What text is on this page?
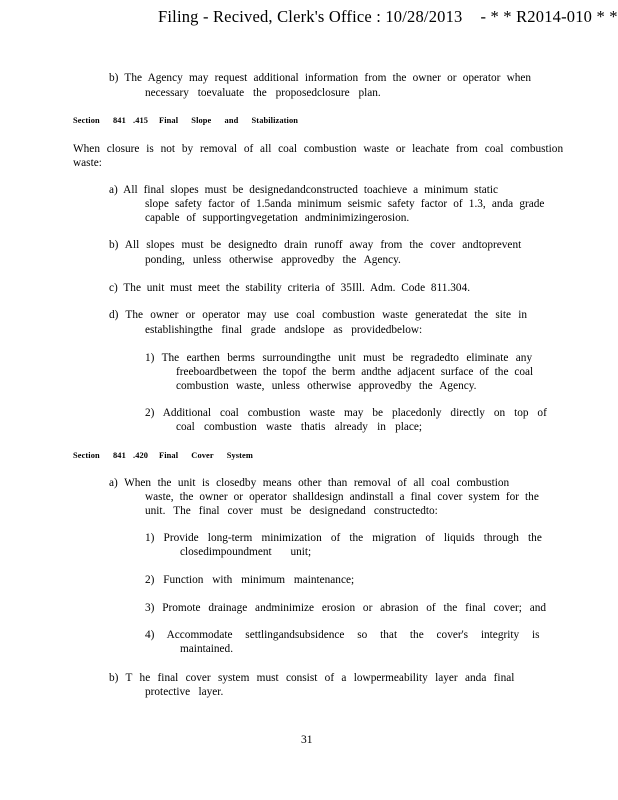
Filing - Recived, Clerk's Office : 10/28/2013 - * * R2014-010 * *
b) The Agency may request additional information from the owner or operator when
necessary toevaluate the proposedclosure plan.
Section 841 .415 Final Slope and Stabilization
When closure is not by removal of all coal combustion waste or leachate from coal combustion
waste:
a) All final slopes must be designedandconstructed toachieve a minimum static
slope safety factor of 1.5anda minimum seismic safety factor of 1.3, anda grade
capable of supportingvegetation andminimizingerosion.
b) All slopes must be designedto drain runoff away from the cover andtoprevent
ponding, unless otherwise approvedby the Agency.
c) The unit must meet the stability criteria of 35Ill. Adm. Code 811.304.
d) The owner or operator may use coal combustion waste generatedat the site in
establishingthe final grade andslope as providedbelow:
1) The earthen berms surroundingthe unit must be regradedto eliminate any
freeboardbetween the topof the berm andthe adjacent surface of the coal
combustion waste, unless otherwise approvedby the Agency.
2) Additional coal combustion waste may be placedonly directly on top of
coal combustion waste thatis already in place;
Section 841 .420 Final Cover System
a) When the unit is closedby means other than removal of all coal combustion
waste, the owner or operator shalldesign andinstall a final cover system for the
unit. The final cover must be designedand constructedto:
1) Provide long-term minimization of the migration of liquids through the
closedimpoundment unit;
2) Function with minimum maintenance;
3) Promote drainage andminimize erosion or abrasion of the final cover; and
4) Accommodate settlingandsubsidence so that the cover's integrity is
maintained.
b) T he final cover system must consist of a lowpermeability layer anda final
protective layer.
31
